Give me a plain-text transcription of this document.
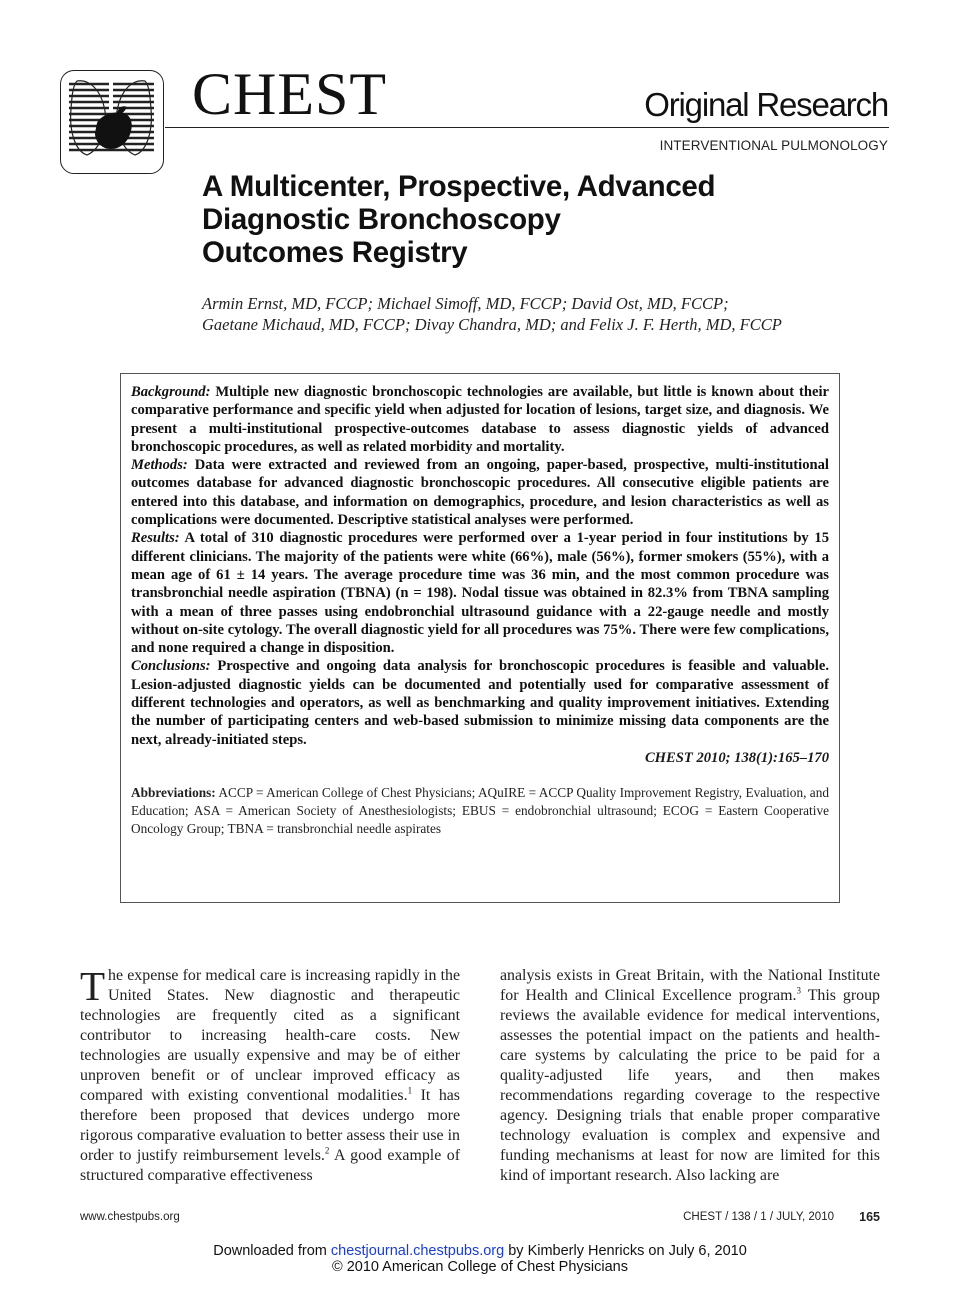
CHEST	Original Research
INTERVENTIONAL PULMONOLOGY
A Multicenter, Prospective, Advanced
Diagnostic Bronchoscopy
Outcomes Registry
Armin Ernst, MD, FCCP; Michael Simoff, MD, FCCP; David Ost, MD, FCCP;
Gaetane Michaud, MD, FCCP; Divay Chandra, MD; and Felix J. F. Herth, MD, FCCP

Background: Multiple new diagnostic bronchoscopic technologies are available, but little is known about their comparative performance and specific yield when adjusted for location of lesions, target size, and diagnosis. We present a multi-institutional prospective-outcomes database to assess diagnostic yields of advanced bronchoscopic procedures, as well as related morbidity and mortality.

Methods: Data were extracted and reviewed from an ongoing, paper-based, prospective, multi-institutional outcomes database for advanced diagnostic bronchoscopic procedures. All consecutive eligible patients are entered into this database, and information on demographics, procedure, and lesion characteristics as well as complications were documented. Descriptive statistical analyses were performed.

Results: A total of 310 diagnostic procedures were performed over a 1-year period in four institutions by 15 different clinicians. The majority of the patients were white (66%), male (56%), former smokers (55%), with a mean age of 61 ± 14 years. The average procedure time was 36 min, and the most common procedure was transbronchial needle aspiration (TBNA) (n = 198). Nodal tissue was obtained in 82.3% from TBNA sampling with a mean of three passes using endobronchial ultrasound guidance with a 22-gauge needle and mostly without on-site cytology. The overall diagnostic yield for all procedures was 75%. There were few complications, and none required a change in disposition.

Conclusions: Prospective and ongoing data analysis for bronchoscopic procedures is feasible and valuable. Lesion-adjusted diagnostic yields can be documented and potentially used for comparative assessment of different technologies and operators, as well as benchmarking and quality improvement initiatives. Extending the number of participating centers and web-based submission to minimize missing data components are the next, already-initiated steps.

CHEST 2010; 138(1):165–170

Abbreviations: ACCP = American College of Chest Physicians; AQuIRE = ACCP Quality Improvement Registry, Evaluation, and Education; ASA = American Society of Anesthesiologists; EBUS = endobronchial ultrasound; ECOG = Eastern Cooperative Oncology Group; TBNA = transbronchial needle aspirates

The expense for medical care is increasing rapidly in the United States. New diagnostic and therapeutic technologies are frequently cited as a significant contributor to increasing health-care costs. New technologies are usually expensive and may be of either unproven benefit or of unclear improved efficacy as compared with existing conventional modalities.$^1$ It has therefore been proposed that devices undergo more rigorous comparative evaluation to better assess their use in order to justify reimbursement levels.$^2$ A good example of structured comparative effectiveness

analysis exists in Great Britain, with the National Institute for Health and Clinical Excellence program.$^3$ This group reviews the available evidence for medical interventions, assesses the potential impact on the patients and health-care systems by calculating the price to be paid for a quality-adjusted life years, and then makes recommendations regarding coverage to the respective agency. Designing trials that enable proper comparative technology evaluation is complex and expensive and funding mechanisms at least for now are limited for this kind of important research. Also lacking are

www.chestpubs.org	CHEST / 138 / 1 / JULY, 2010 165
Downloaded from chestjournal.chestpubs.org by Kimberly Henricks on July 6, 2010
© 2010 American College of Chest Physicians
